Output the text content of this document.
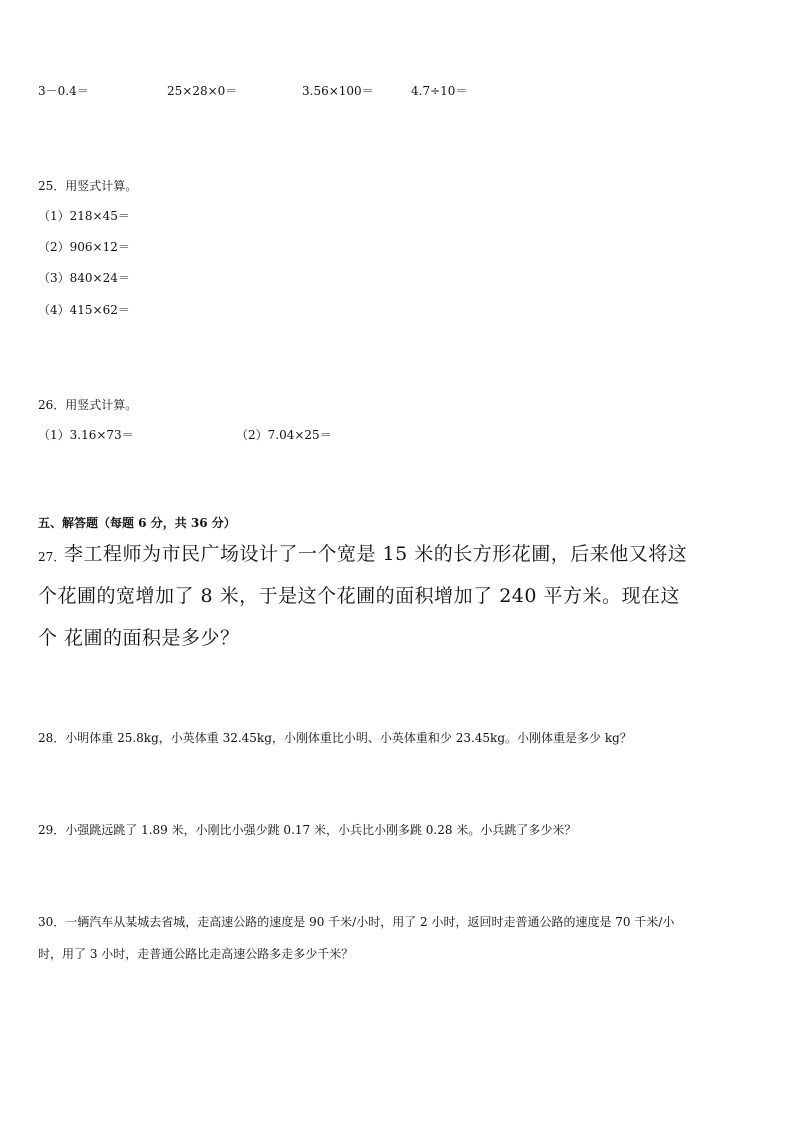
3－0.4＝	25×28×0＝	3.56×100＝	4.7÷10＝
25．用竖式计算。
（1）218×45＝
（2）906×12＝
（3）840×24＝
（4）415×62＝
26．用竖式计算。
（1）3.16×73＝	（2）7.04×25＝
五、解答题（每题 6 分，共 36 分）
27．
李工程师为市民广场设计了一个宽是 15 米的长方形花圃，后来他又将这
个花圃的宽增加了 8 米，于是这个花圃的面积增加了 240 平方米。现在这
个 花圃的面积是多少？
28．小明体重 25.8kg，小英体重 32.45kg，小刚体重比小明、小英体重和少 23.45kg。小刚体重是多少 kg？
29．小强跳远跳了 1.89 米，小刚比小强少跳 0.17 米，小兵比小刚多跳 0.28 米。小兵跳了多少米？
30．一辆汽车从某城去省城，走高速公路的速度是 90 千米/小时，用了 2 小时，返回时走普通公路的速度是 70 千米/小
时，用了 3 小时，走普通公路比走高速公路多走多少千米？
